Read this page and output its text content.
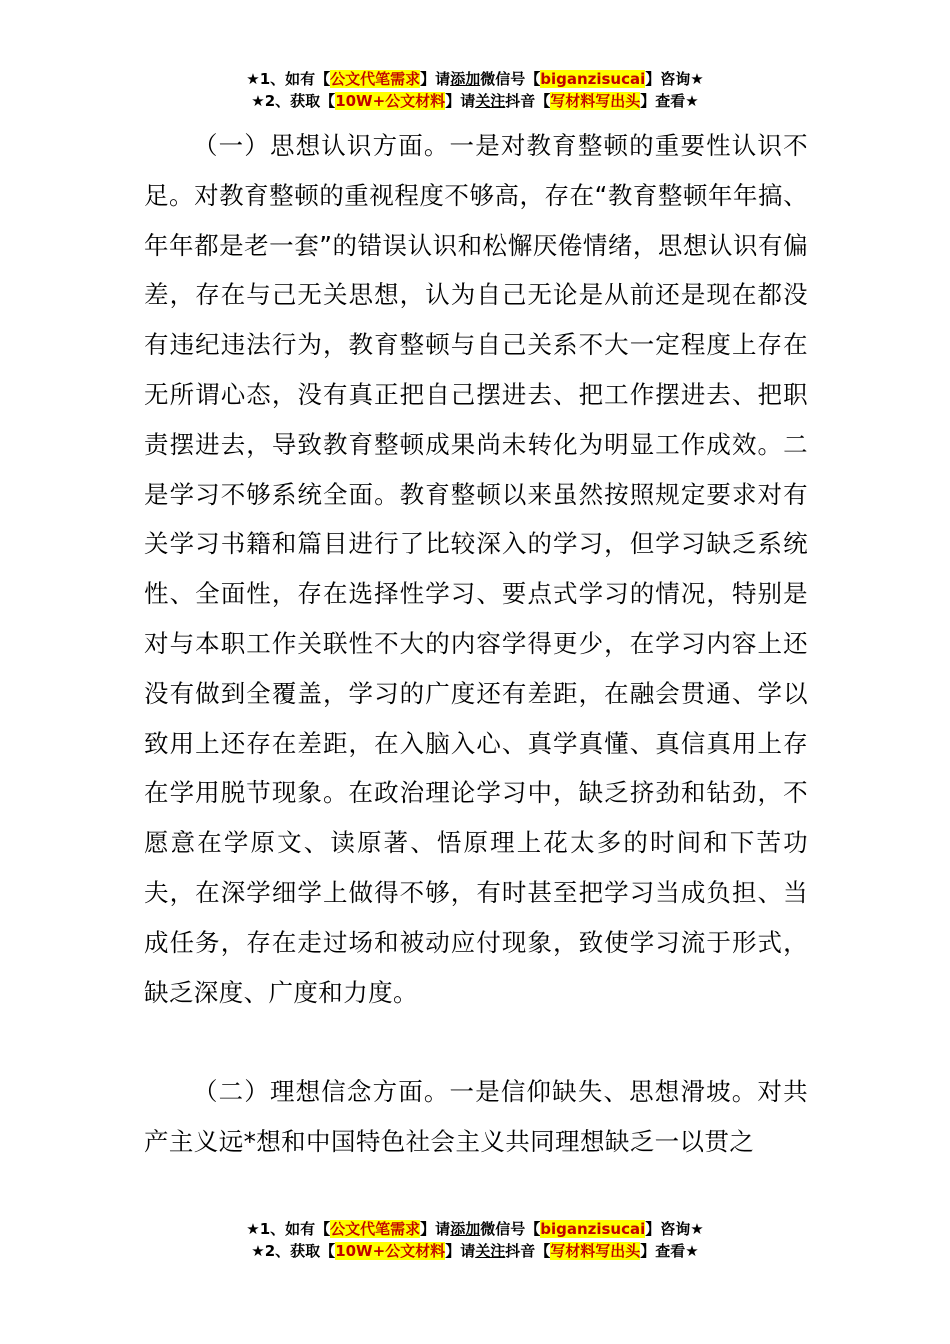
★1、如有【公文代笔需求】请添加微信号【biganzisucai】咨询★
★2、获取【10W+公文材料】请关注抖音【写材料写出头】查看★

（一）思想认识方面。一是对教育整顿的重要性认识不足。对教育整顿的重视程度不够高，存在“教育整顿年年搞、年年都是老一套”的错误认识和松懈厌倦情绪，思想认识有偏差，存在与己无关思想，认为自己无论是从前还是现在都没有违纪违法行为，教育整顿与自己关系不大一定程度上存在无所谓心态，没有真正把自己摆进去、把工作摆进去、把职责摆进去，导致教育整顿成果尚未转化为明显工作成效。二是学习不够系统全面。教育整顿以来虽然按照规定要求对有关学习书籍和篇目进行了比较深入的学习，但学习缺乏系统性、全面性，存在选择性学习、要点式学习的情况，特别是对与本职工作关联性不大的内容学得更少，在学习内容上还没有做到全覆盖，学习的广度还有差距，在融会贯通、学以致用上还存在差距，在入脑入心、真学真懂、真信真用上存在学用脱节现象。在政治理论学习中，缺乏挤劲和钻劲，不愿意在学原文、读原著、悟原理上花太多的时间和下苦功夫，在深学细学上做得不够，有时甚至把学习当成负担、当成任务，存在走过场和被动应付现象，致使学习流于形式，缺乏深度、广度和力度。

（二）理想信念方面。一是信仰缺失、思想滑坡。对共产主义远*想和中国特色社会主义共同理想缺乏一以贯之

★1、如有【公文代笔需求】请添加微信号【biganzisucai】咨询★
★2、获取【10W+公文材料】请关注抖音【写材料写出头】查看★
